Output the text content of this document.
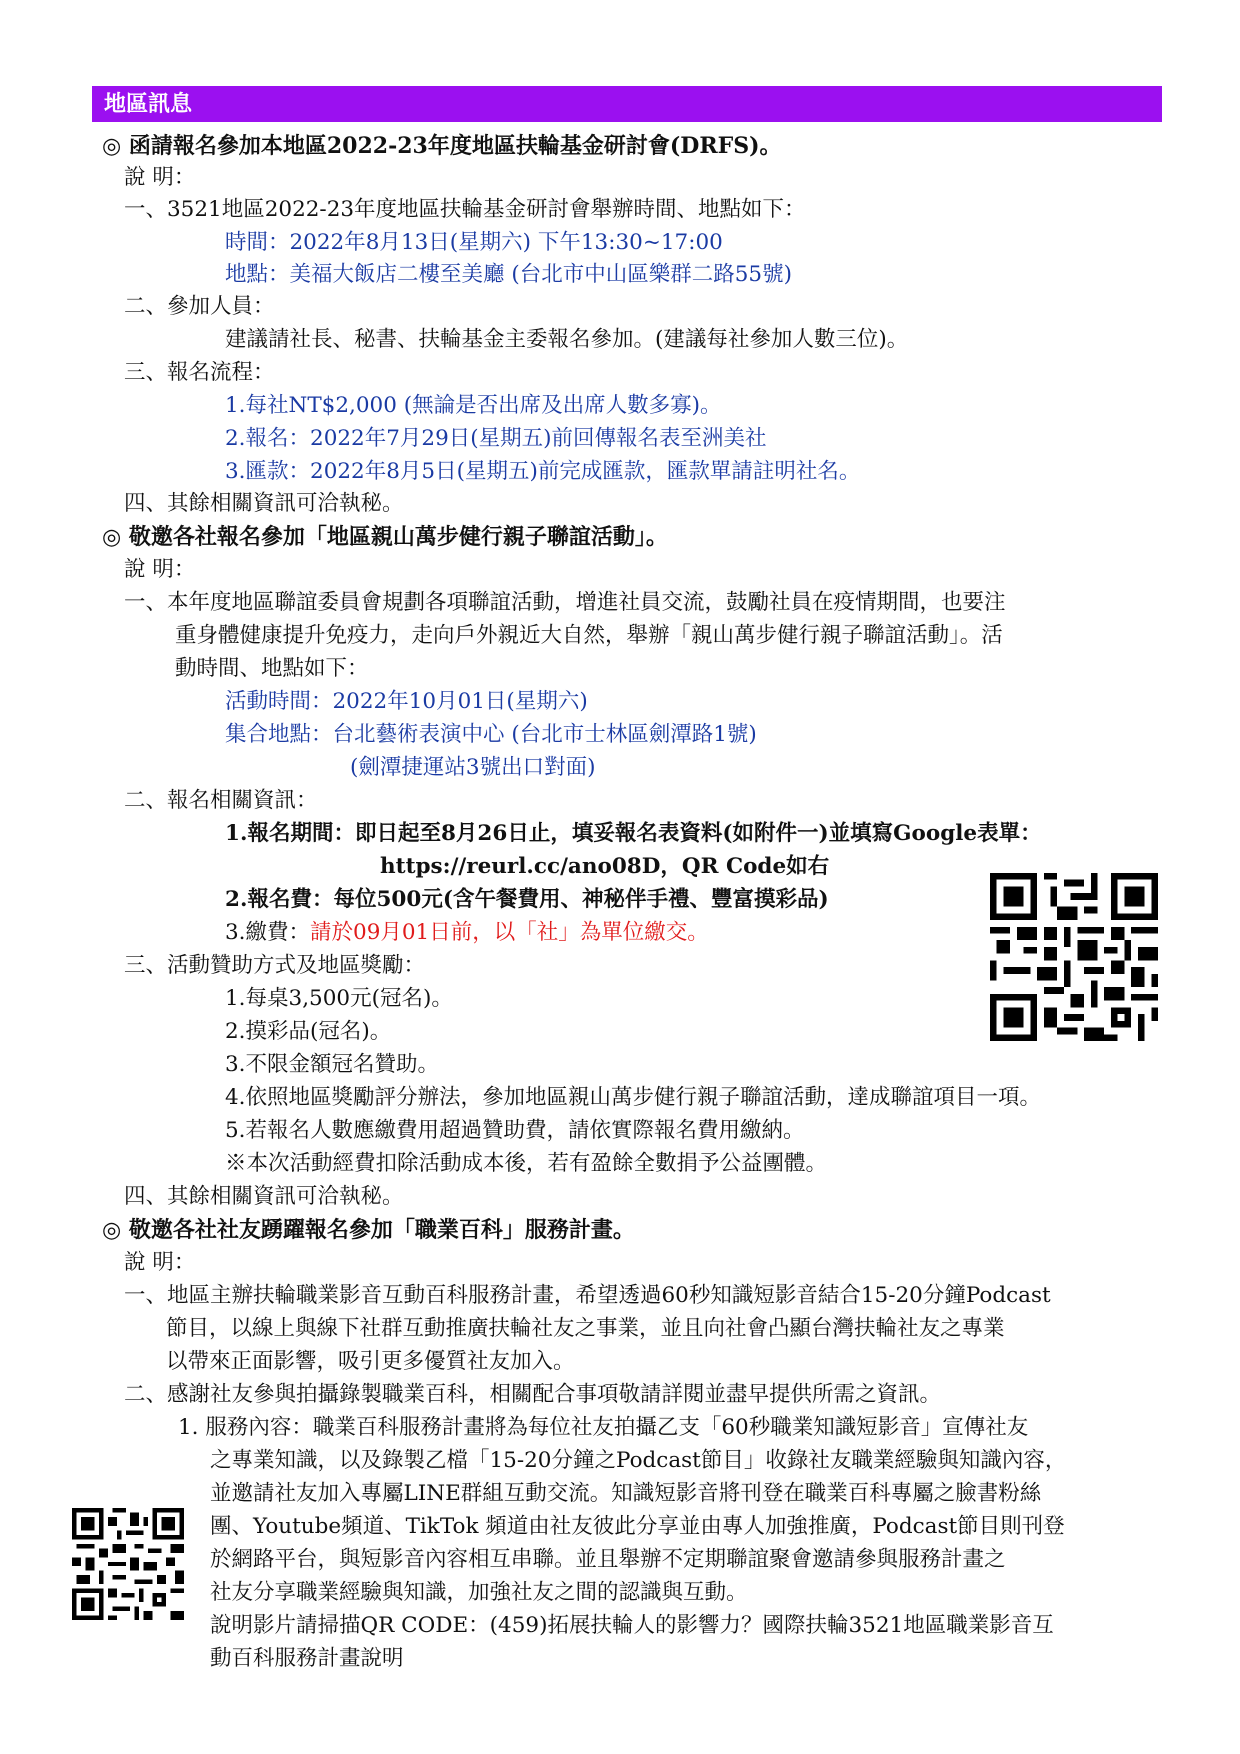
地區訊息
◎ 函請報名參加本地區2022-23年度地區扶輪基金研討會(DRFS)。
說 明：
一、3521地區2022-23年度地區扶輪基金研討會舉辦時間、地點如下：
時間：2022年8月13日(星期六) 下午13:30~17:00
地點：美福大飯店二樓至美廳 (台北市中山區樂群二路55號)
二、參加人員：
建議請社長、秘書、扶輪基金主委報名參加。(建議每社參加人數三位)。
三、報名流程：
1.每社NT$2,000 (無論是否出席及出席人數多寡)。
2.報名：2022年7月29日(星期五)前回傳報名表至洲美社
3.匯款：2022年8月5日(星期五)前完成匯款，匯款單請註明社名。
四、其餘相關資訊可洽執秘。
◎ 敬邀各社報名參加「地區親山萬步健行親子聯誼活動」。
說 明：
一、本年度地區聯誼委員會規劃各項聯誼活動，增進社員交流，鼓勵社員在疫情期間，也要注
重身體健康提升免疫力，走向戶外親近大自然，舉辦「親山萬步健行親子聯誼活動」。活
動時間、地點如下：
活動時間：2022年10月01日(星期六)
集合地點：台北藝術表演中心 (台北市士林區劍潭路1號)
(劍潭捷運站3號出口對面)
二、報名相關資訊：
1.報名期間：即日起至8月26日止，填妥報名表資料(如附件一)並填寫Google表單：
https://reurl.cc/ano08D，QR Code如右
2.報名費：每位500元(含午餐費用、神秘伴手禮、豐富摸彩品)
3.繳費：請於09月01日前，以「社」為單位繳交。
三、活動贊助方式及地區獎勵：
1.每桌3,500元(冠名)。
2.摸彩品(冠名)。
3.不限金額冠名贊助。
4.依照地區獎勵評分辦法，參加地區親山萬步健行親子聯誼活動，達成聯誼項目一項。
5.若報名人數應繳費用超過贊助費，請依實際報名費用繳納。
※本次活動經費扣除活動成本後，若有盈餘全數捐予公益團體。
四、其餘相關資訊可洽執秘。
◎ 敬邀各社社友踴躍報名參加「職業百科」服務計畫。
說 明：
一、地區主辦扶輪職業影音互動百科服務計畫，希望透過60秒知識短影音結合15-20分鐘Podcast
節目，以線上與線下社群互動推廣扶輪社友之事業，並且向社會凸顯台灣扶輪社友之專業
以帶來正面影響，吸引更多優質社友加入。
二、感謝社友參與拍攝錄製職業百科，相關配合事項敬請詳閱並盡早提供所需之資訊。
1. 服務內容：職業百科服務計畫將為每位社友拍攝乙支「60秒職業知識短影音」宣傳社友
之專業知識，以及錄製乙檔「15-20分鐘之Podcast節目」收錄社友職業經驗與知識內容，
並邀請社友加入專屬LINE群組互動交流。知識短影音將刊登在職業百科專屬之臉書粉絲
團、Youtube頻道、TikTok 頻道由社友彼此分享並由專人加強推廣，Podcast節目則刊登
於網路平台，與短影音內容相互串聯。並且舉辦不定期聯誼聚會邀請參與服務計畫之
社友分享職業經驗與知識，加強社友之間的認識與互動。
說明影片請掃描QR CODE：(459)拓展扶輪人的影響力？國際扶輪3521地區職業影音互
動百科服務計畫說明
